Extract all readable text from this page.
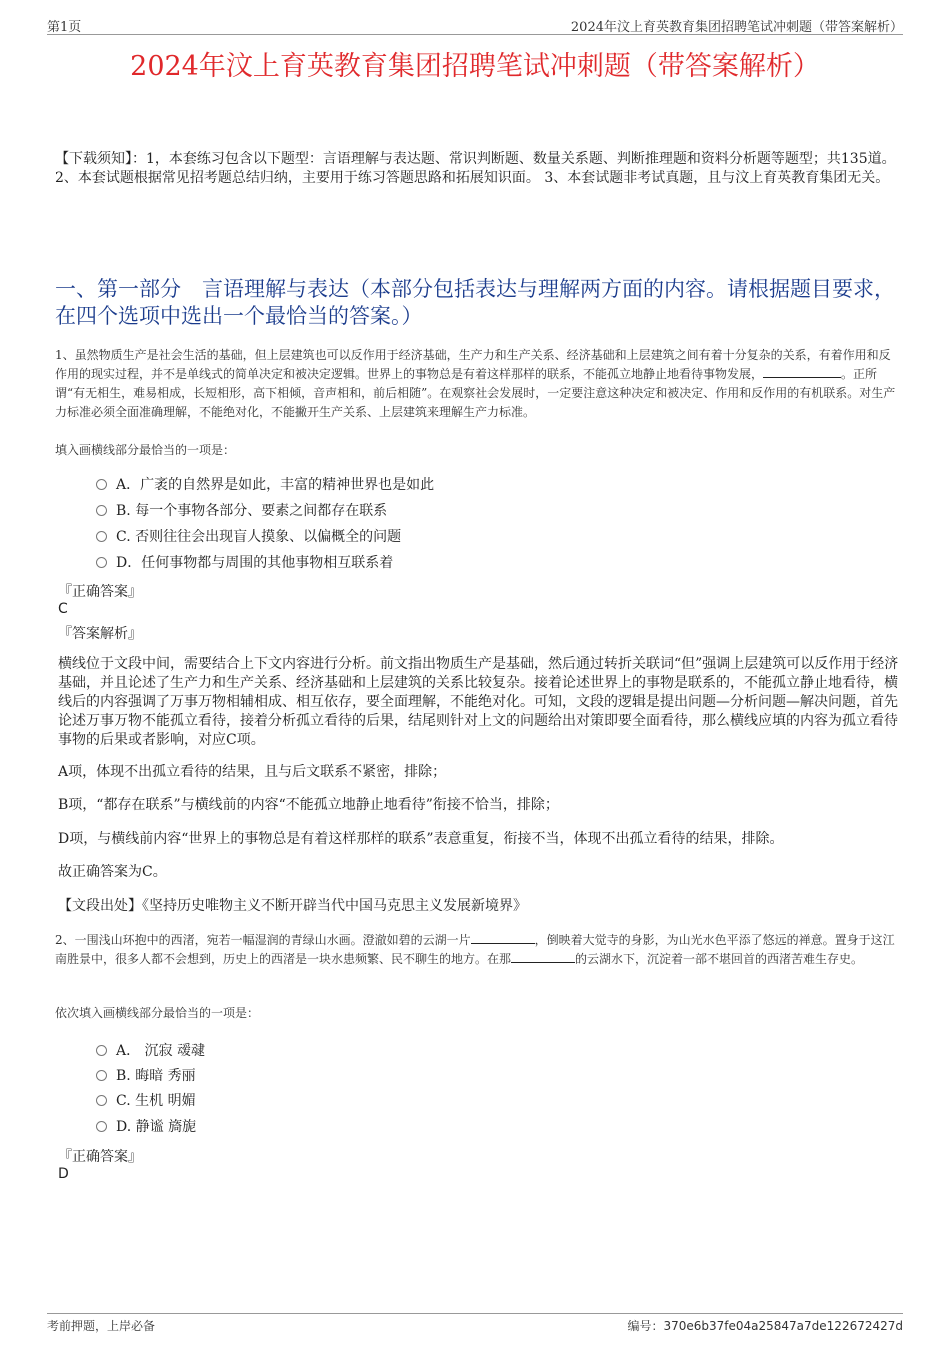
第1页	2024年汶上育英教育集团招聘笔试冲刺题（带答案解析）
2024年汶上育英教育集团招聘笔试冲刺题（带答案解析）
【下载须知】：1，本套练习包含以下题型：言语理解与表达题、常识判断题、数量关系题、判断推理题和资料分析题等题型；共135道。 2、本套试题根据常见招考题总结归纳，主要用于练习答题思路和拓展知识面。 3、本套试题非考试真题，且与汶上育英教育集团无关。
一、第一部分　言语理解与表达（本部分包括表达与理解两方面的内容。请根据题目要求，在四个选项中选出一个最恰当的答案。）
1、虽然物质生产是社会生活的基础，但上层建筑也可以反作用于经济基础，生产力和生产关系、经济基础和上层建筑之间有着十分复杂的关系，有着作用和反作用的现实过程，并不是单线式的简单决定和被决定逻辑。世界上的事物总是有着这样那样的联系，不能孤立地静止地看待事物发展，	。正所谓“有无相生，难易相成，长短相形，高下相倾，音声相和，前后相随”。在观察社会发展时，一定要注意这种决定和被决定、作用和反作用的有机联系。对生产力标准必须全面准确理解，不能绝对化，不能撇开生产关系、上层建筑来理解生产力标准。
填入画横线部分最恰当的一项是：
A．广袤的自然界是如此，丰富的精神世界也是如此
B. 每一个事物各部分、要素之间都存在联系
C. 否则往往会出现盲人摸象、以偏概全的问题
D．任何事物都与周围的其他事物相互联系着
『正确答案』
C
『答案解析』
横线位于文段中间，需要结合上下文内容进行分析。前文指出物质生产是基础，然后通过转折关联词“但”强调上层建筑可以反作用于经济基础，并且论述了生产力和生产关系、经济基础和上层建筑的关系比较复杂。接着论述世界上的事物是联系的，不能孤立静止地看待，横线后的内容强调了万事万物相辅相成、相互依存，要全面理解，不能绝对化。可知，文段的逻辑是提出问题—分析问题—解决问题，首先论述万事万物不能孤立看待，接着分析孤立看待的后果，结尾则针对上文的问题给出对策即要全面看待，那么横线应填的内容为孤立看待事物的后果或者影响，对应C项。
A项，体现不出孤立看待的结果，且与后文联系不紧密，排除；
B项，“都存在联系”与横线前的内容“不能孤立地静止地看待”衔接不恰当，排除；
D项，与横线前内容“世界上的事物总是有着这样那样的联系”表意重复，衔接不当，体现不出孤立看待的结果，排除。
故正确答案为C。
【文段出处】《坚持历史唯物主义不断开辟当代中国马克思主义发展新境界》
2、一围浅山环抱中的西渚，宛若一幅湿润的青绿山水画。澄澈如碧的云湖一片	，倒映着大觉寺的身影，为山光水色平添了悠远的禅意。置身于这江南胜景中，很多人都不会想到，历史上的西渚是一块水患频繁、民不聊生的地方。在那	的云湖水下，沉淀着一部不堪回首的西渚苦难生存史。
依次填入画横线部分最恰当的一项是：
A． 沉寂 叆叇
B. 晦暗 秀丽
C. 生机 明媚
D. 静谧 旖旎
『正确答案』
D
考前押题，上岸必备	编号：370e6b37fe04a25847a7de122672427d
